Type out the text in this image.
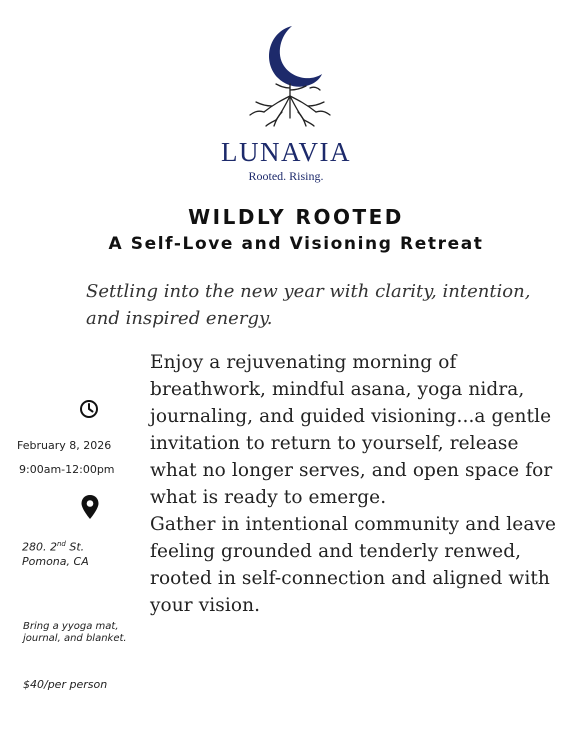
LUNAVIA
Rooted. Rising.
WILDLY ROOTED
A Self-Love and Visioning Retreat
Settling into the new year with clarity, intention, and inspired energy.

Enjoy a rejuvenating morning of breathwork, mindful asana, yoga nidra, journaling, and guided visioning...a gentle invitation to return to yourself, release what no longer serves, and open space for what is ready to emerge.

Gather in intentional community and leave feeling grounded and tenderly renwed, rooted in self-connection and aligned with your vision.

February 8, 2026
9:00am-12:00pm
280. 2nd St.
Pomona, CA
Bring a yyoga mat, journal, and blanket.
$40/per person
